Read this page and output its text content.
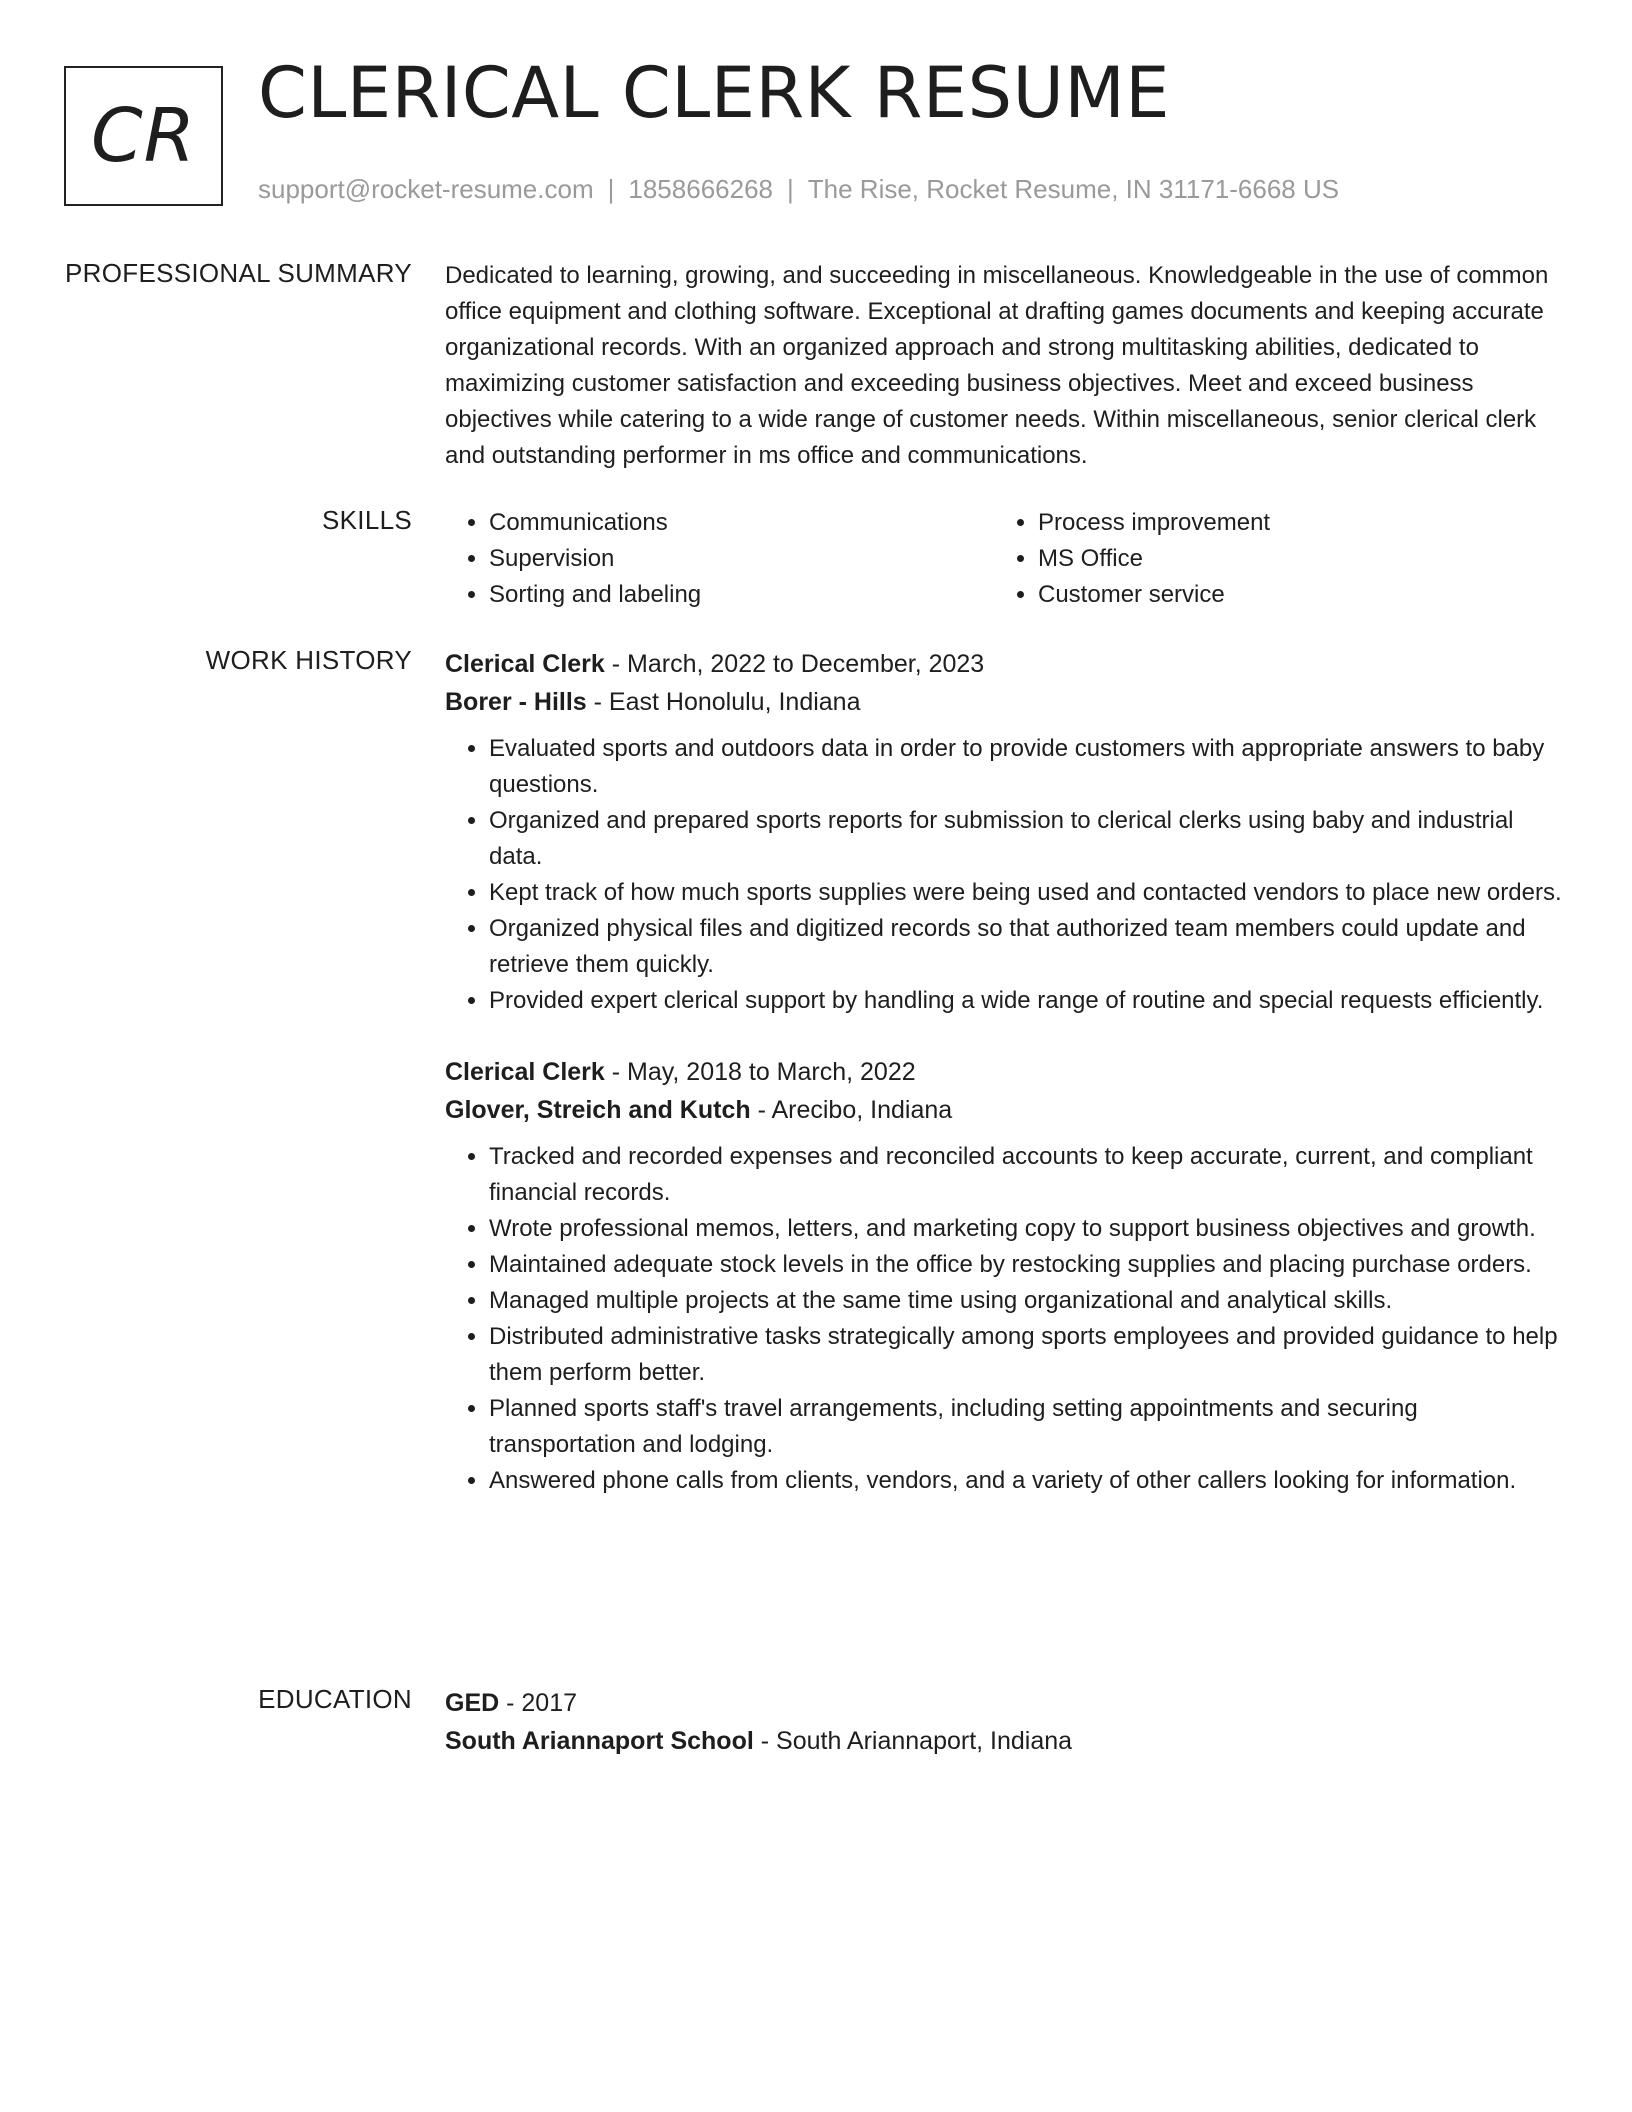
CR CLERICAL CLERK RESUME
support@rocket-resume.com | 1858666268 | The Rise, Rocket Resume, IN 31171-6668 US
PROFESSIONAL SUMMARY Dedicated to learning, growing, and succeeding in miscellaneous. Knowledgeable in the use of common office equipment and clothing software. Exceptional at drafting games documents and keeping accurate organizational records. With an organized approach and strong multitasking abilities, dedicated to maximizing customer satisfaction and exceeding business objectives. Meet and exceed business objectives while catering to a wide range of customer needs. Within miscellaneous, senior clerical clerk and outstanding performer in ms office and communications.

SKILLS
•	Communications
• Supervision
• Sorting and labeling
• Process improvement
• MS Office
• Customer service
WORK HISTORY Clerical Clerk - March, 2022 to December, 2023
Borer - Hills - East Honolulu, Indiana
• Evaluated sports and outdoors data in order to provide customers with appropriate answers to baby questions.
• Organized and prepared sports reports for submission to clerical clerks using baby and industrial data.
• Kept track of how much sports supplies were being used and contacted vendors to place new orders.
• Organized physical files and digitized records so that authorized team members could update and retrieve them quickly.
• Provided expert clerical support by handling a wide range of routine and special requests efficiently.
Clerical Clerk - May, 2018 to March, 2022
Glover, Streich and Kutch - Arecibo, Indiana
• Tracked and recorded expenses and reconciled accounts to keep accurate, current, and compliant financial records.
• Wrote professional memos, letters, and marketing copy to support business objectives and growth.
• Maintained adequate stock levels in the office by restocking supplies and placing purchase orders.
• Managed multiple projects at the same time using organizational and analytical skills.
• Distributed administrative tasks strategically among sports employees and provided guidance to help them perform better.
• Planned sports staff's travel arrangements, including setting appointments and securing transportation and lodging.
• Answered phone calls from clients, vendors, and a variety of other callers looking for information.
EDUCATION GED - 2017
South Ariannaport School - South Ariannaport, Indiana
